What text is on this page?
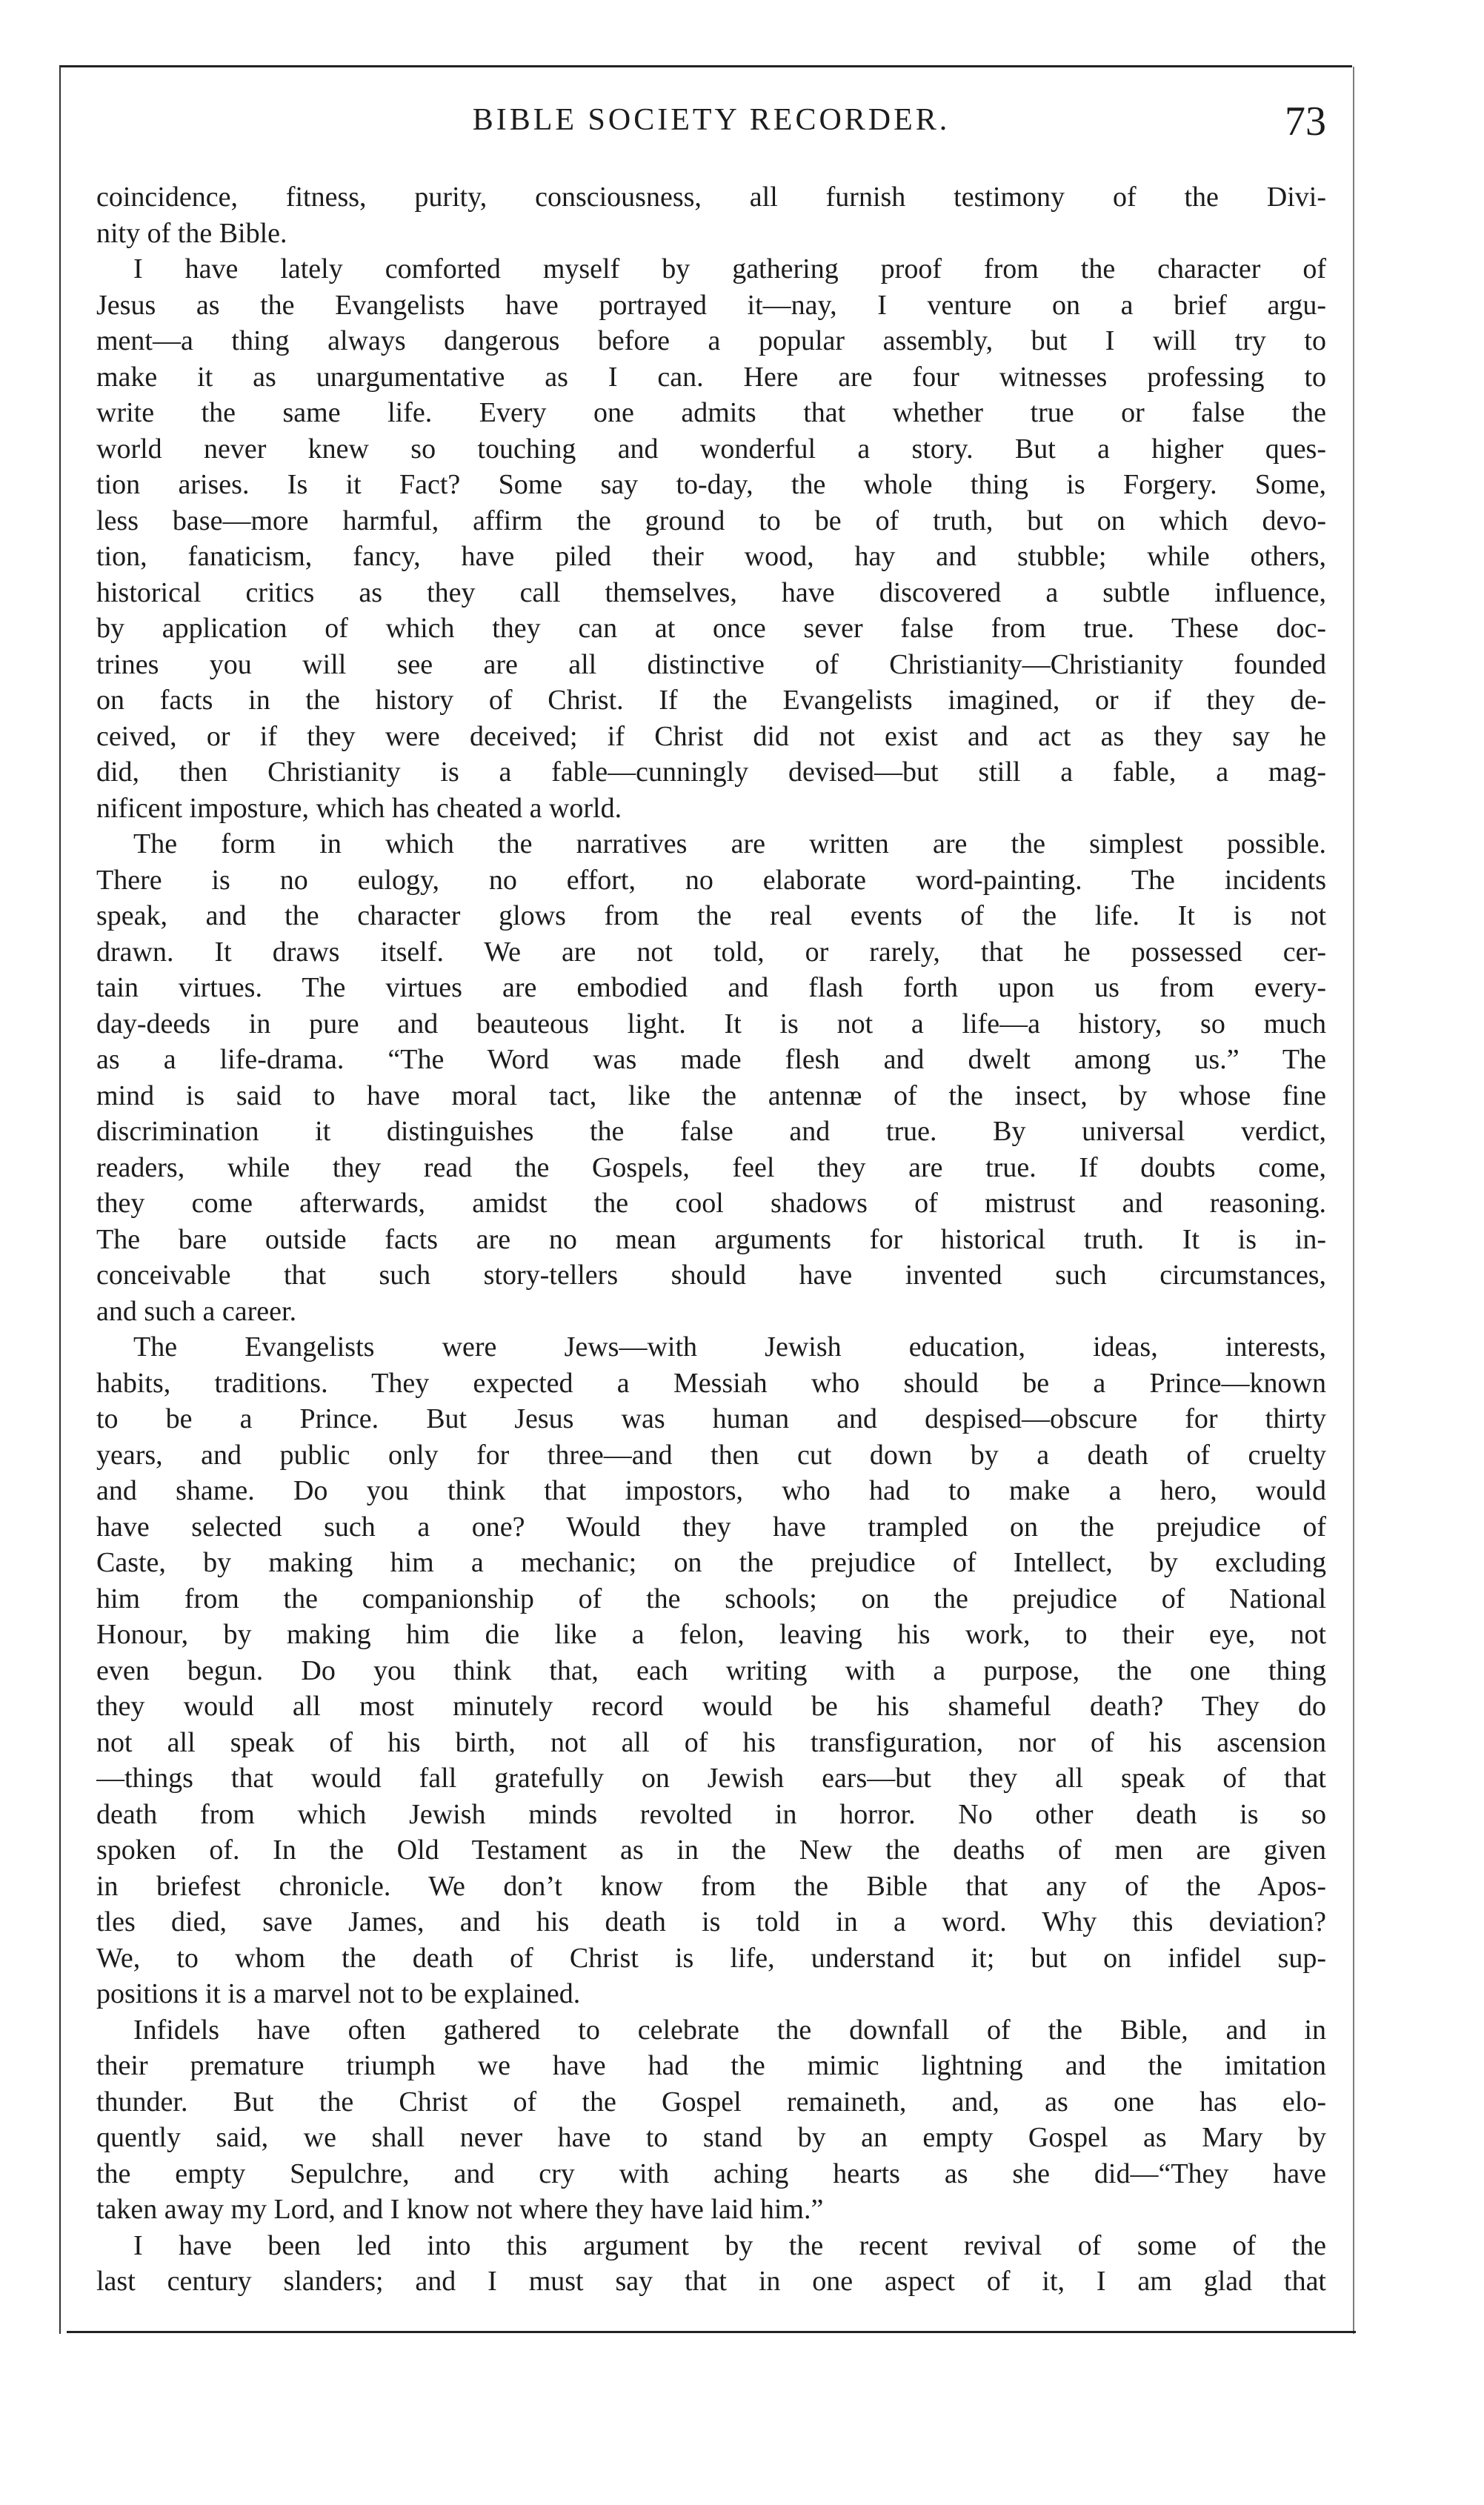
BIBLE SOCIETY RECORDER.	73
coincidence, fitness, purity, consciousness, all furnish testimony of the Divi-
nity of the Bible.
I have lately comforted myself by gathering proof from the character of
Jesus as the Evangelists have portrayed it—nay, I venture on a brief argu-
ment—a thing always dangerous before a popular assembly, but I will try to
make it as unargumentative as I can. Here are four witnesses professing to
write the same life. Every one admits that whether true or false the
world never knew so touching and wonderful a story. But a higher ques-
tion arises. Is it Fact? Some say to-day, the whole thing is Forgery. Some,
less base—more harmful, affirm the ground to be of truth, but on which devo-
tion, fanaticism, fancy, have piled their wood, hay and stubble; while others,
historical critics as they call themselves, have discovered a subtle influence,
by application of which they can at once sever false from true. These doc-
trines you will see are all distinctive of Christianity—Christianity founded
on facts in the history of Christ. If the Evangelists imagined, or if they de-
ceived, or if they were deceived; if Christ did not exist and act as they say he
did, then Christianity is a fable—cunningly devised—but still a fable, a mag-
nificent imposture, which has cheated a world.
The form in which the narratives are written are the simplest possible.
There is no eulogy, no effort, no elaborate word-painting. The incidents
speak, and the character glows from the real events of the life. It is not
drawn. It draws itself. We are not told, or rarely, that he possessed cer-
tain virtues. The virtues are embodied and flash forth upon us from every-
day-deeds in pure and beauteous light. It is not a life—a history, so much
as a life-drama. “The Word was made flesh and dwelt among us.” The
mind is said to have moral tact, like the antennæ of the insect, by whose fine
discrimination it distinguishes the false and true. By universal verdict,
readers, while they read the Gospels, feel they are true. If doubts come,
they come afterwards, amidst the cool shadows of mistrust and reasoning.
The bare outside facts are no mean arguments for historical truth. It is in-
conceivable that such story-tellers should have invented such circumstances,
and such a career.
The Evangelists were Jews—with Jewish education, ideas, interests,
habits, traditions. They expected a Messiah who should be a Prince—known
to be a Prince. But Jesus was human and despised—obscure for thirty
years, and public only for three—and then cut down by a death of cruelty
and shame. Do you think that impostors, who had to make a hero, would
have selected such a one? Would they have trampled on the prejudice of
Caste, by making him a mechanic; on the prejudice of Intellect, by excluding
him from the companionship of the schools; on the prejudice of National
Honour, by making him die like a felon, leaving his work, to their eye, not
even begun. Do you think that, each writing with a purpose, the one thing
they would all most minutely record would be his shameful death? They do
not all speak of his birth, not all of his transfiguration, nor of his ascension
—things that would fall gratefully on Jewish ears—but they all speak of that
death from which Jewish minds revolted in horror. No other death is so
spoken of. In the Old Testament as in the New the deaths of men are given
in briefest chronicle. We don’t know from the Bible that any of the Apos-
tles died, save James, and his death is told in a word. Why this deviation?
We, to whom the death of Christ is life, understand it; but on infidel sup-
positions it is a marvel not to be explained.
Infidels have often gathered to celebrate the downfall of the Bible, and in
their premature triumph we have had the mimic lightning and the imitation
thunder. But the Christ of the Gospel remaineth, and, as one has elo-
quently said, we shall never have to stand by an empty Gospel as Mary by
the empty Sepulchre, and cry with aching hearts as she did—“They have
taken away my Lord, and I know not where they have laid him.”
I have been led into this argument by the recent revival of some of the
last century slanders; and I must say that in one aspect of it, I am glad that
